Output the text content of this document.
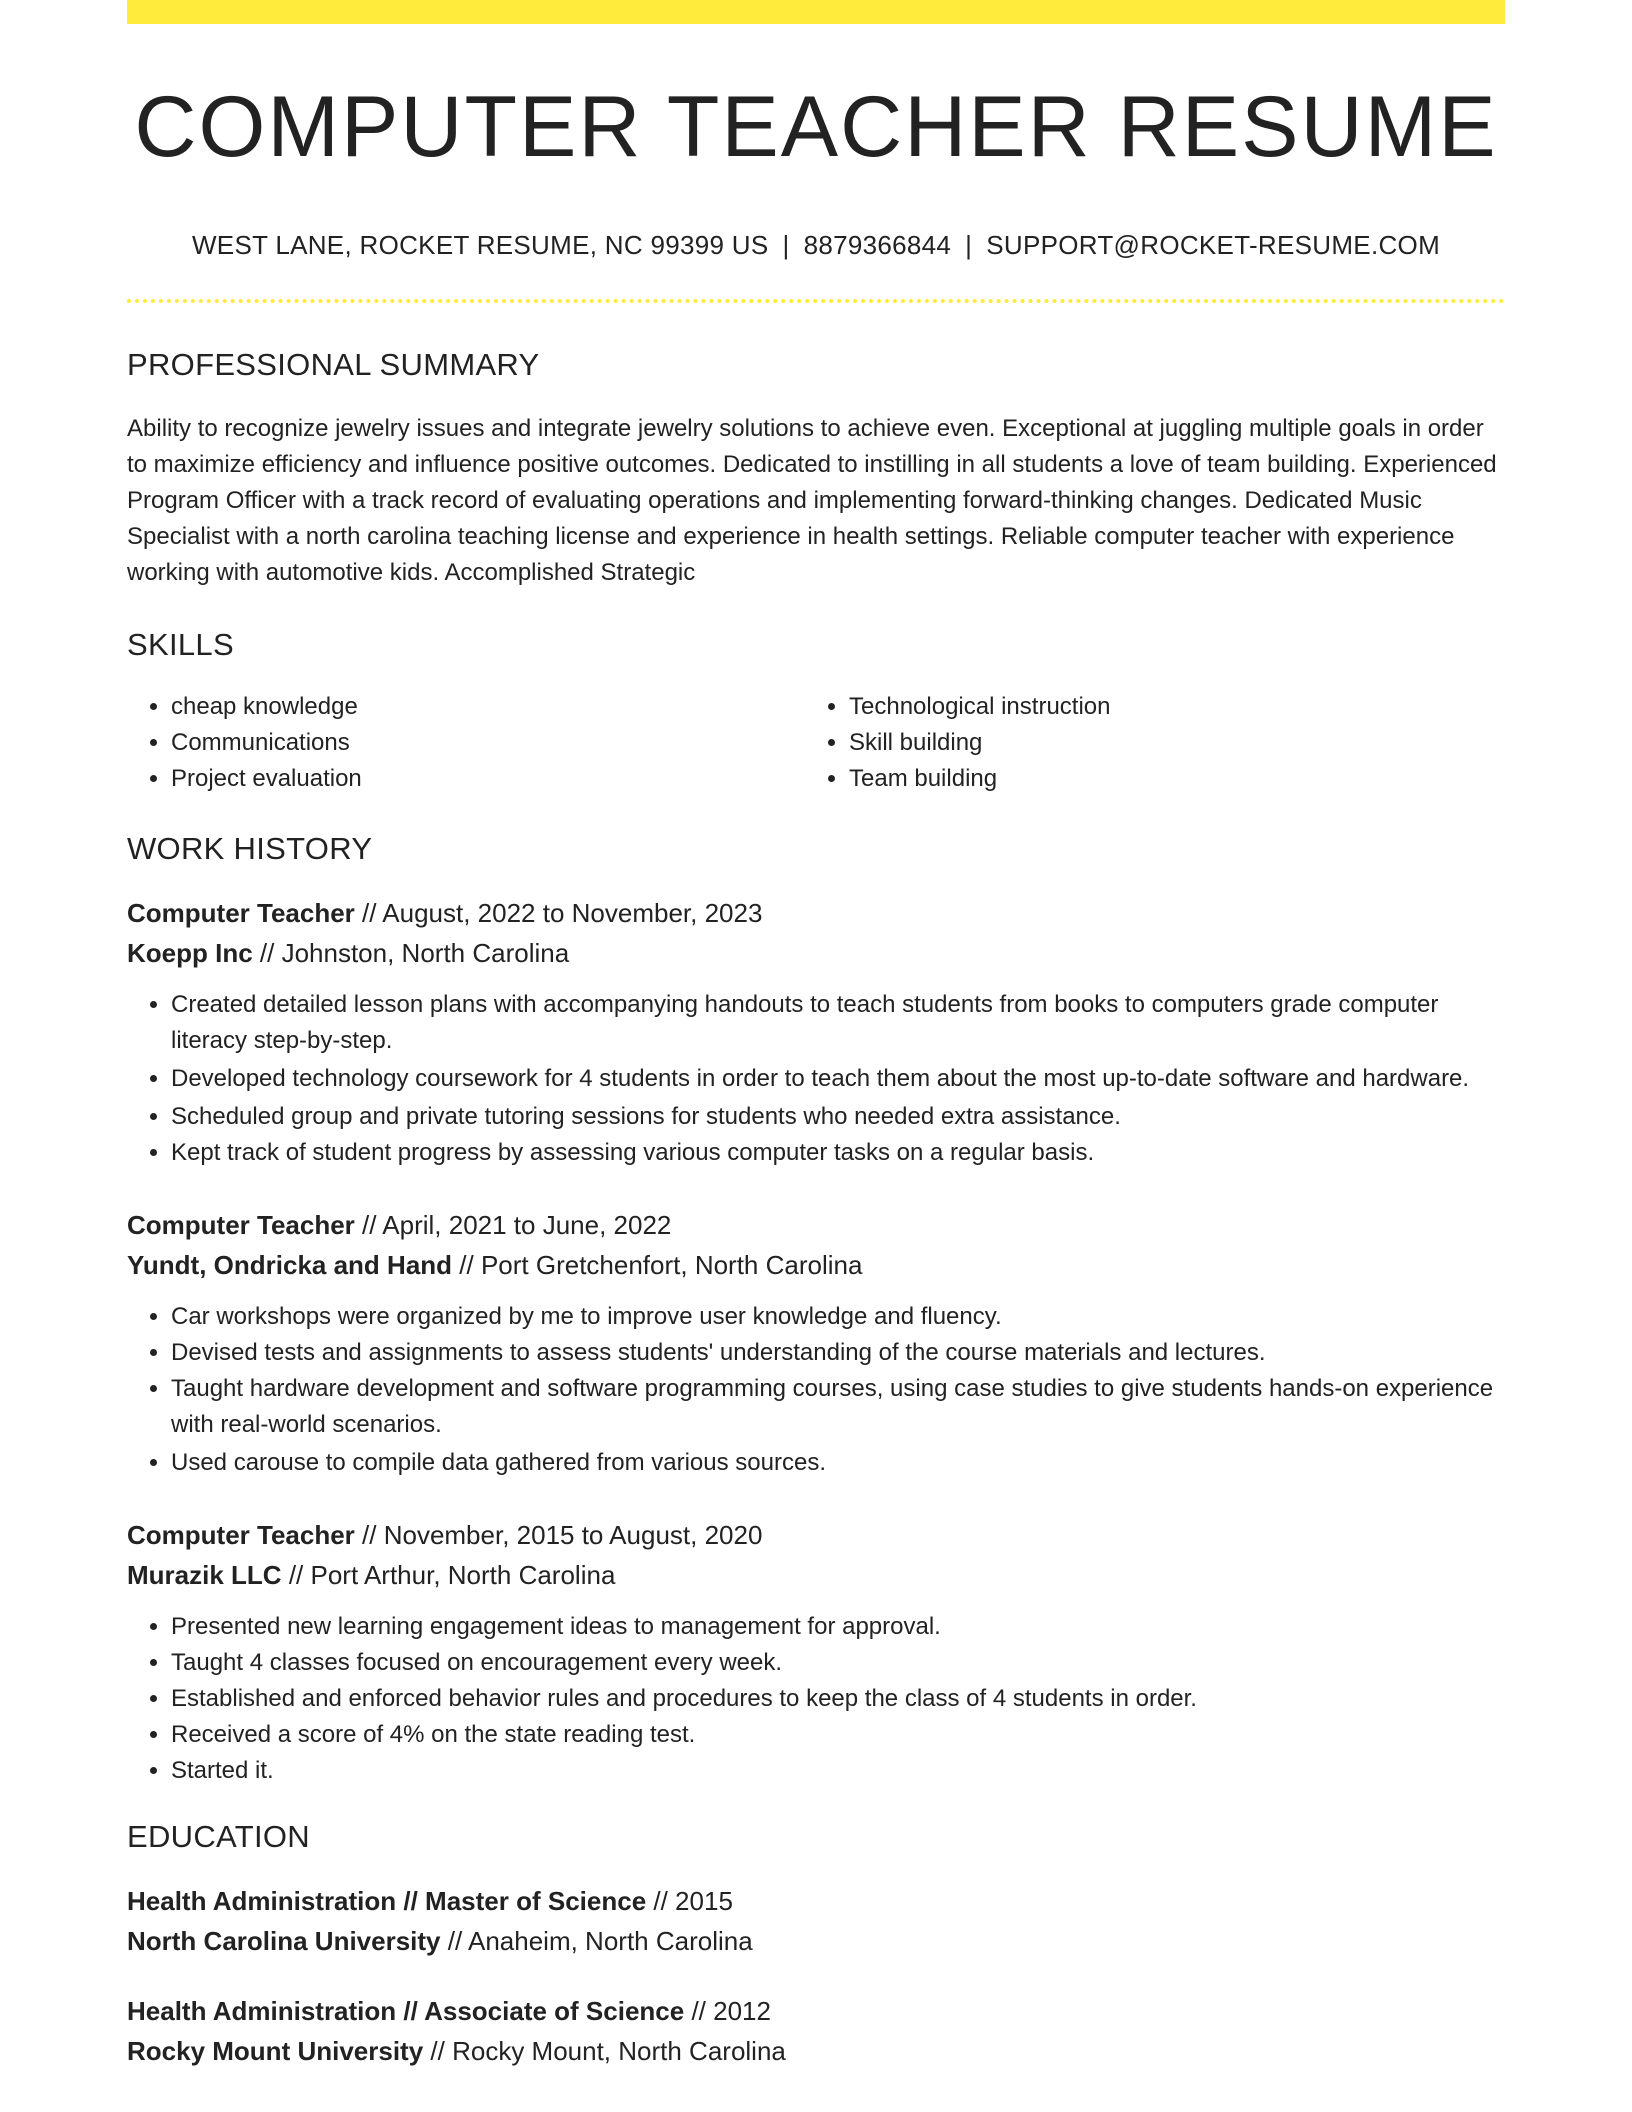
COMPUTER TEACHER RESUME
WEST LANE, ROCKET RESUME, NC 99399 US | 8879366844 | SUPPORT@ROCKET-RESUME.COM
PROFESSIONAL SUMMARY
Ability to recognize jewelry issues and integrate jewelry solutions to achieve even. Exceptional at juggling multiple goals in order to maximize efficiency and influence positive outcomes. Dedicated to instilling in all students a love of team building. Experienced Program Officer with a track record of evaluating operations and implementing forward-thinking changes. Dedicated Music Specialist with a north carolina teaching license and experience in health settings. Reliable computer teacher with experience working with automotive kids. Accomplished Strategic
SKILLS
• cheap knowledge
• Communications
• Project evaluation
• Technological instruction
• Skill building
• Team building
WORK HISTORY
Computer Teacher // August, 2022 to November, 2023
Koepp Inc // Johnston, North Carolina
• Created detailed lesson plans with accompanying handouts to teach students from books to computers grade computer literacy step-by-step.
• Developed technology coursework for 4 students in order to teach them about the most up-to-date software and hardware.
• Scheduled group and private tutoring sessions for students who needed extra assistance.
• Kept track of student progress by assessing various computer tasks on a regular basis.
Computer Teacher // April, 2021 to June, 2022
Yundt, Ondricka and Hand // Port Gretchenfort, North Carolina
• Car workshops were organized by me to improve user knowledge and fluency.
• Devised tests and assignments to assess students' understanding of the course materials and lectures.
• Taught hardware development and software programming courses, using case studies to give students hands-on experience with real-world scenarios.
• Used carouse to compile data gathered from various sources.
Computer Teacher // November, 2015 to August, 2020
Murazik LLC // Port Arthur, North Carolina
• Presented new learning engagement ideas to management for approval.
• Taught 4 classes focused on encouragement every week.
• Established and enforced behavior rules and procedures to keep the class of 4 students in order.
• Received a score of 4% on the state reading test.
• Started it.
EDUCATION
Health Administration // Master of Science // 2015
North Carolina University // Anaheim, North Carolina
Health Administration // Associate of Science // 2012
Rocky Mount University // Rocky Mount, North Carolina
